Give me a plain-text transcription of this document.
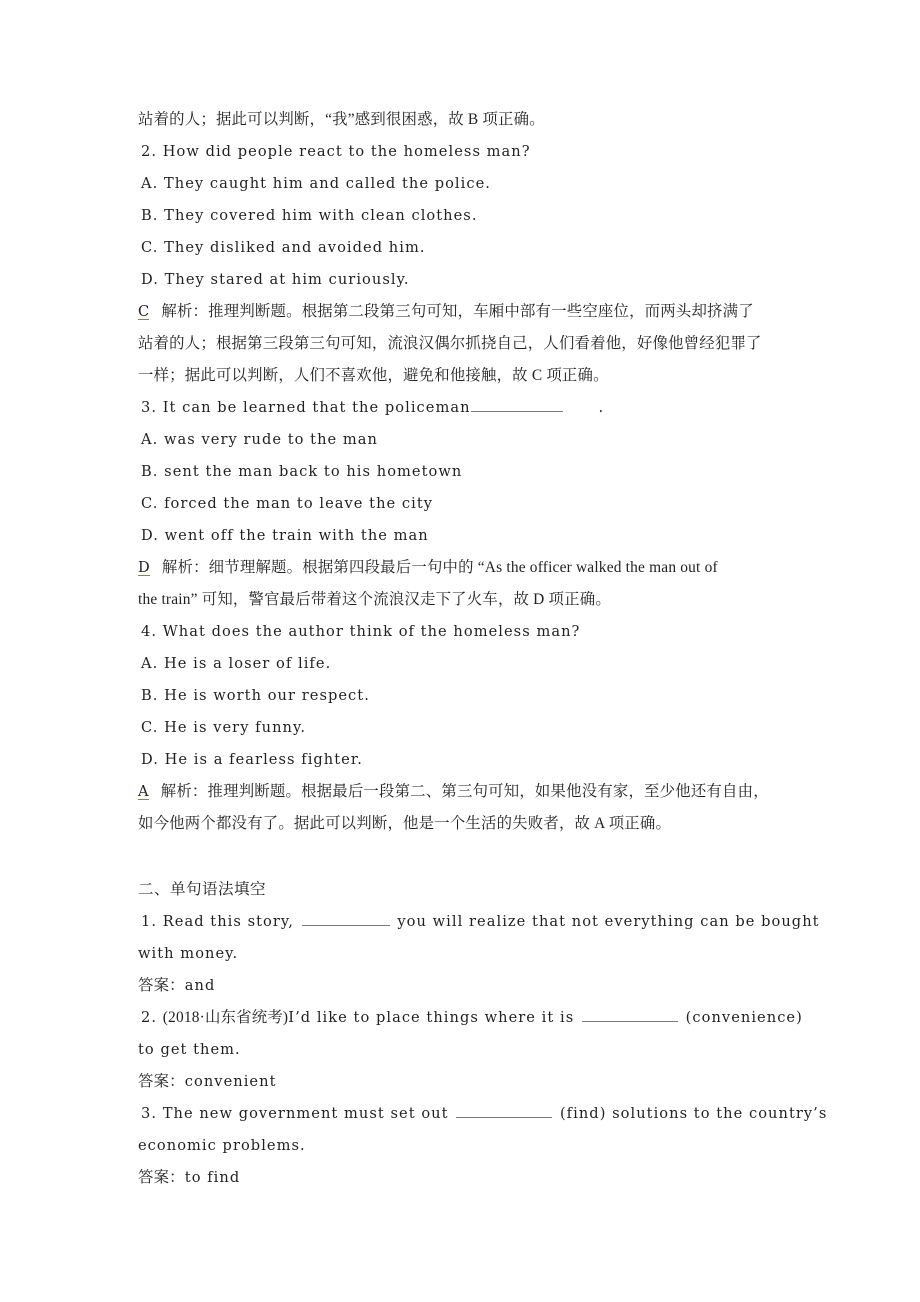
站着的人；据此可以判断，“我”感到很困惑，故 B 项正确。
2. How did people react to the homeless man?
A. They caught him and called the police.
B. They covered him with clean clothes.
C. They disliked and avoided him.
D. They stared at him curiously.
C 解析：推理判断题。根据第二段第三句可知，车厢中部有一些空座位，而两头却挤满了
站着的人；根据第三段第三句可知，流浪汉偶尔抓挠自己，人们看着他，好像他曾经犯罪了
一样；据此可以判断，人们不喜欢他，避免和他接触，故 C 项正确。
3. It can be learned that the policeman	.
A. was very rude to the man
B. sent the man back to his hometown
C. forced the man to leave the city
D. went off the train with the man
D 解析：细节理解题。根据第四段最后一句中的 “As the officer walked the man out of
the train” 可知，警官最后带着这个流浪汉走下了火车，故 D 项正确。
4. What does the author think of the homeless man?
A. He is a loser of life.
B. He is worth our respect.
C. He is very funny.
D. He is a fearless fighter.
A 解析：推理判断题。根据最后一段第二、第三句可知，如果他没有家，至少他还有自由，
如今他两个都没有了。据此可以判断，他是一个生活的失败者，故 A 项正确。
二、单句语法填空
1. Read this story,	you will realize that not everything can be bought
with money.
答案：and
2. (2018·山东省统考)I’d like to place things where it is	(convenience)
to get them.
答案：convenient
3. The new government must set out	(find) solutions to the country’s
economic problems.
答案：to find
